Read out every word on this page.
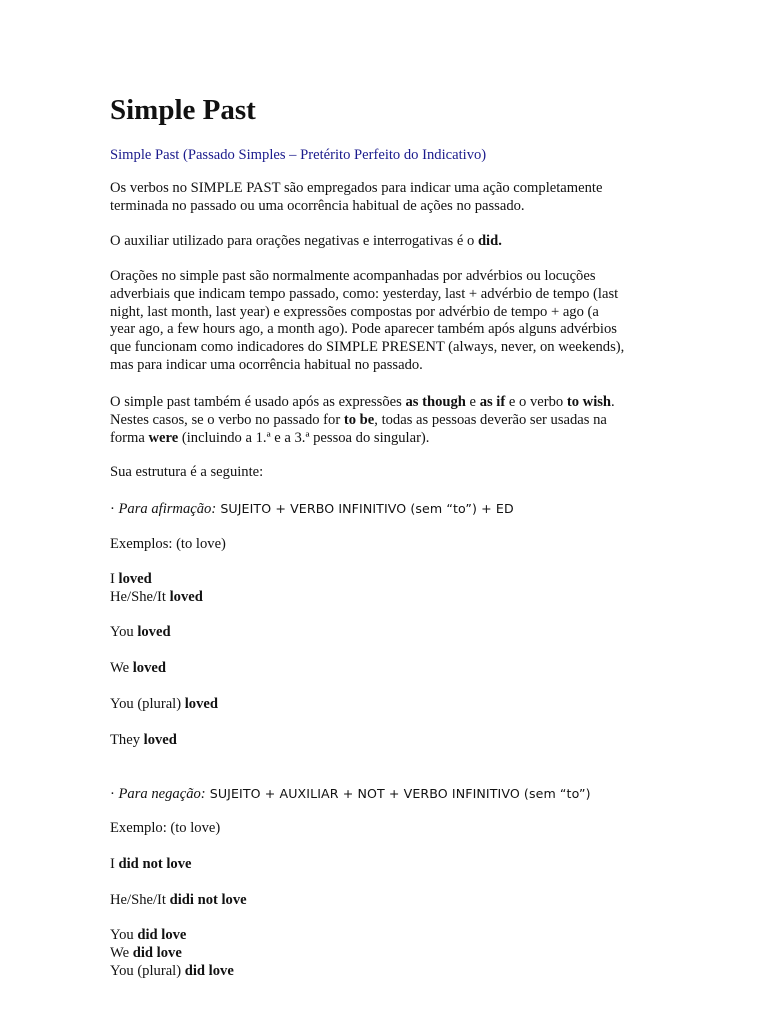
Simple Past

Simple Past (Passado Simples – Pretérito Perfeito do Indicativo)

Os verbos no SIMPLE PAST são empregados para indicar uma ação completamente
terminada no passado ou uma ocorrência habitual de ações no passado.

O auxiliar utilizado para orações negativas e interrogativas é o did.

Orações no simple past são normalmente acompanhadas por advérbios ou locuções
adverbiais que indicam tempo passado, como: yesterday, last + advérbio de tempo (last
night, last month, last year) e expressões compostas por advérbio de tempo + ago (a
year ago, a few hours ago, a month ago). Pode aparecer também após alguns advérbios
que funcionam como indicadores do SIMPLE PRESENT (always, never, on weekends),
mas para indicar uma ocorrência habitual no passado.

O simple past também é usado após as expressões as though e as if e o verbo to wish.
Nestes casos, se o verbo no passado for to be, todas as pessoas deverão ser usadas na
forma were (incluindo a 1.ª e a 3.ª pessoa do singular).

Sua estrutura é a seguinte:

· Para afirmação: SUJEITO + VERBO INFINITIVO (sem “to”) + ED

Exemplos: (to love)

I loved
He/She/It loved

You loved

We loved

You (plural) loved

They loved

· Para negação: SUJEITO + AUXILIAR + NOT + VERBO INFINITIVO (sem “to”)

Exemplo: (to love)

I did not love

He/She/It didi not love

You did love
We did love
You (plural) did love
